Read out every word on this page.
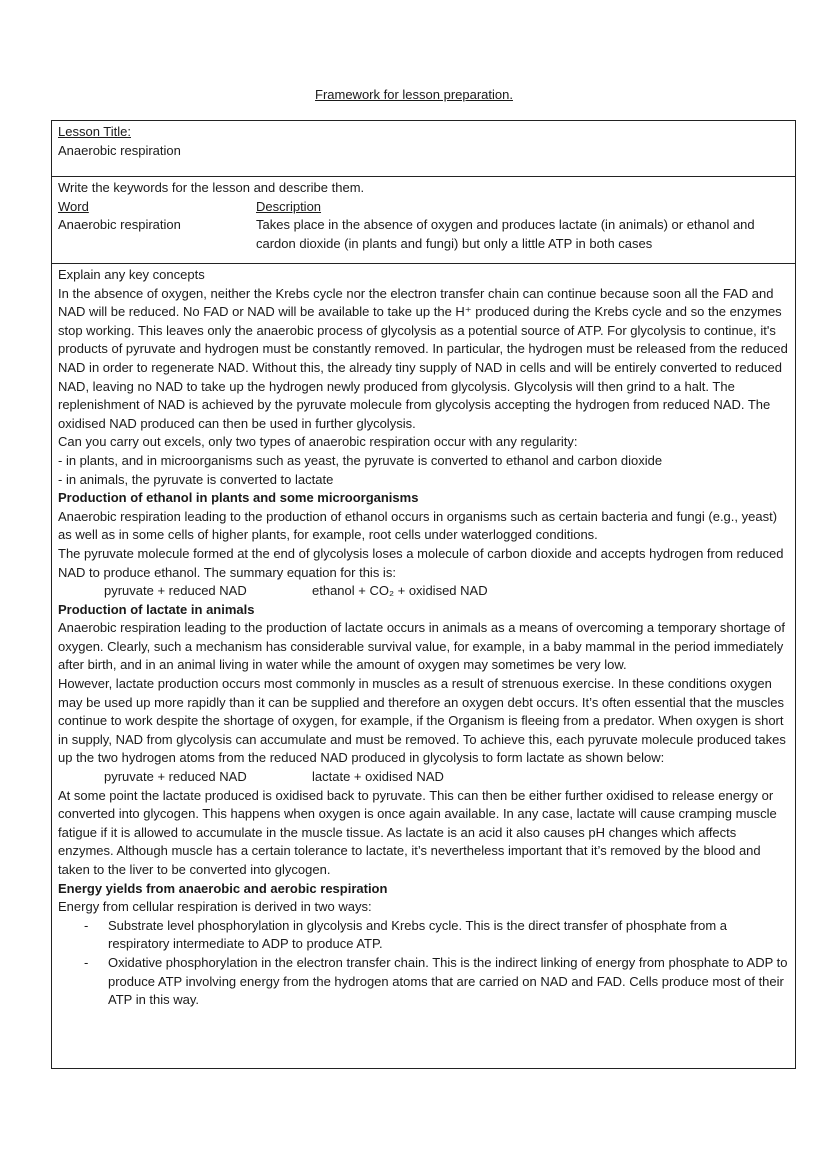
Framework for lesson preparation.

Lesson Title:

Anaerobic respiration

Write the keywords for the lesson and describe them.

Word	Description
Anaerobic respiration	Takes place in the absence of oxygen and produces lactate (in animals) or ethanol and cardon dioxide (in plants and fungi) but only a little ATP in both cases

Explain any key concepts

In the absence of oxygen, neither the Krebs cycle nor the electron transfer chain can continue because soon all the FAD and NAD will be reduced. No FAD or NAD will be available to take up the H⁺ produced during the Krebs cycle and so the enzymes stop working. This leaves only the anaerobic process of glycolysis as a potential source of ATP. For glycolysis to continue, it's products of pyruvate and hydrogen must be constantly removed. In particular, the hydrogen must be released from the reduced NAD in order to regenerate NAD. Without this, the already tiny supply of NAD in cells and will be entirely converted to reduced NAD, leaving no NAD to take up the hydrogen newly produced from glycolysis. Glycolysis will then grind to a halt. The replenishment of NAD is achieved by the pyruvate molecule from glycolysis accepting the hydrogen from reduced NAD. The oxidised NAD produced can then be used in further glycolysis.

Can you carry out excels, only two types of anaerobic respiration occur with any regularity:

- in plants, and in microorganisms such as yeast, the pyruvate is converted to ethanol and carbon dioxide

- in animals, the pyruvate is converted to lactate

Production of ethanol in plants and some microorganisms

Anaerobic respiration leading to the production of ethanol occurs in organisms such as certain bacteria and fungi (e.g., yeast) as well as in some cells of higher plants, for example, root cells under waterlogged conditions.

The pyruvate molecule formed at the end of glycolysis loses a molecule of carbon dioxide and accepts hydrogen from reduced NAD to produce ethanol. The summary equation for this is:

pyruvate + reduced NAD	ethanol + CO₂ + oxidised NAD

Production of lactate in animals

Anaerobic respiration leading to the production of lactate occurs in animals as a means of overcoming a temporary shortage of oxygen. Clearly, such a mechanism has considerable survival value, for example, in a baby mammal in the period immediately after birth, and in an animal living in water while the amount of oxygen may sometimes be very low.

However, lactate production occurs most commonly in muscles as a result of strenuous exercise. In these conditions oxygen may be used up more rapidly than it can be supplied and therefore an oxygen debt occurs. It’s often essential that the muscles continue to work despite the shortage of oxygen, for example, if the Organism is fleeing from a predator. When oxygen is short in supply, NAD from glycolysis can accumulate and must be removed. To achieve this, each pyruvate molecule produced takes up the two hydrogen atoms from the reduced NAD produced in glycolysis to form lactate as shown below:

pyruvate + reduced NAD	lactate + oxidised NAD

At some point the lactate produced is oxidised back to pyruvate. This can then be either further oxidised to release energy or converted into glycogen. This happens when oxygen is once again available. In any case, lactate will cause cramping muscle fatigue if it is allowed to accumulate in the muscle tissue. As lactate is an acid it also causes pH changes which affects enzymes. Although muscle has a certain tolerance to lactate, it’s nevertheless important that it’s removed by the blood and taken to the liver to be converted into glycogen.

Energy yields from anaerobic and aerobic respiration

Energy from cellular respiration is derived in two ways:

-	Substrate level phosphorylation in glycolysis and Krebs cycle. This is the direct transfer of phosphate from a respiratory intermediate to ADP to produce ATP.
-	Oxidative phosphorylation in the electron transfer chain. This is the indirect linking of energy from phosphate to ADP to produce ATP involving energy from the hydrogen atoms that are carried on NAD and FAD. Cells produce most of their ATP in this way.
